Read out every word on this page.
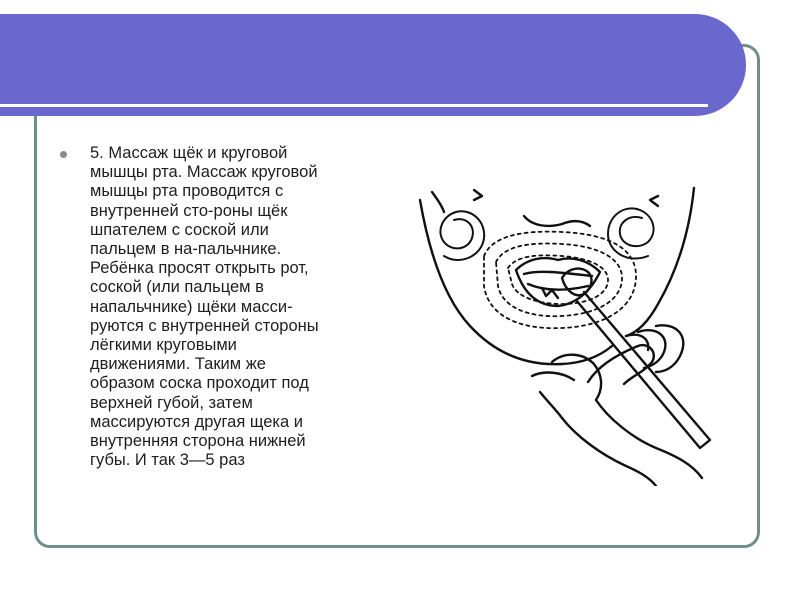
5. Массаж щёк и круговой
мышцы рта. Массаж круговой
мышцы рта проводится с
внутренней сто-роны щёк
шпателем с соской или
пальцем в на-пальчнике.
Ребёнка просят открыть рот,
соской (или пальцем в
напальчнике) щёки масси-
руются с внутренней стороны
лёгкими круговыми
движениями. Таким же
образом соска проходит под
верхней губой, затем
массируются другая щека и
внутренняя сторона нижней
губы. И так 3—5 раз
